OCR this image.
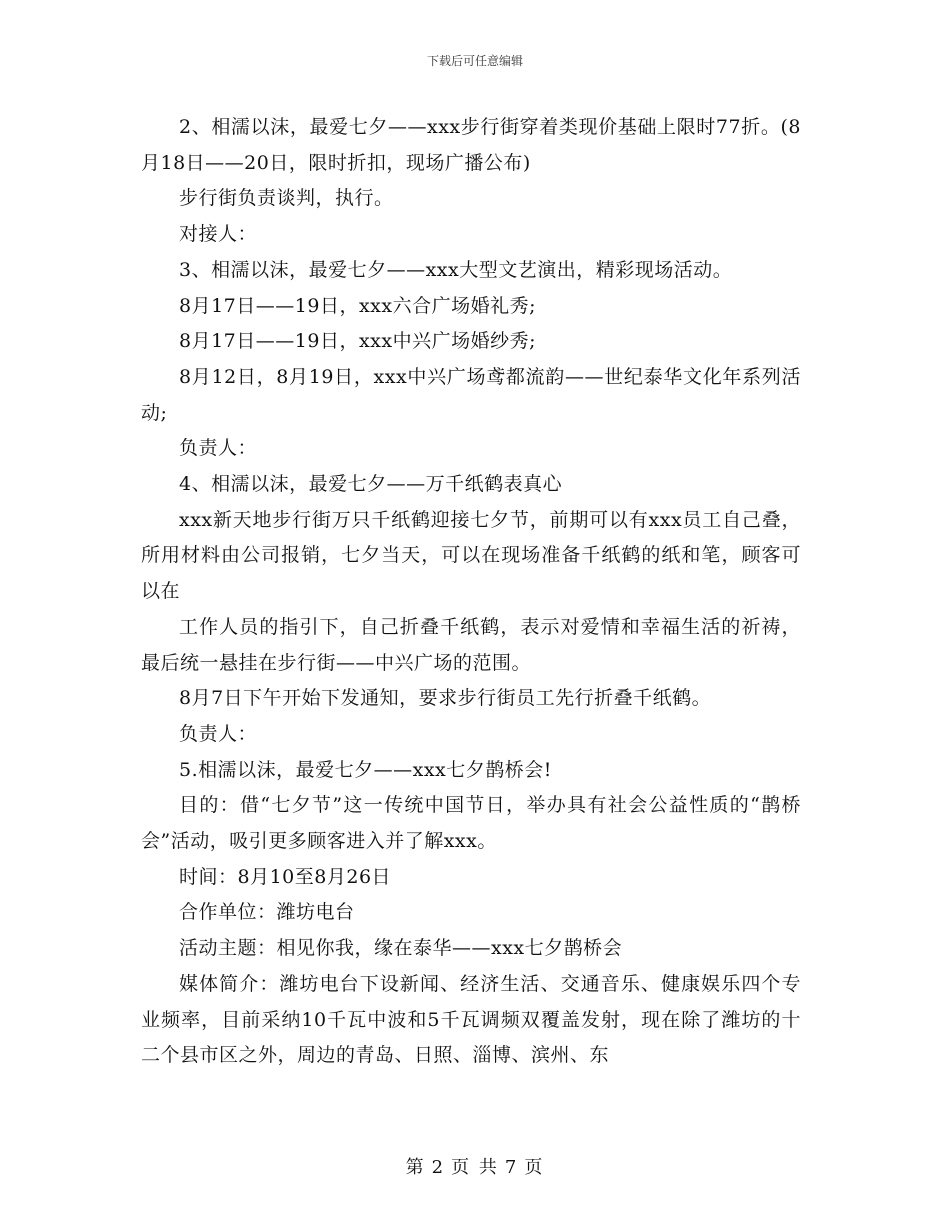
下载后可任意编辑

2、相濡以沫，最爱七夕——xxx步行街穿着类现价基础上限时77折。(8月18日——20日，限时折扣，现场广播公布)

步行街负责谈判，执行。

对接人：

3、相濡以沫，最爱七夕——xxx大型文艺演出，精彩现场活动。

8月17日——19日，xxx六合广场婚礼秀;

8月17日——19日，xxx中兴广场婚纱秀;

8月12日，8月19日，xxx中兴广场鸢都流韵——世纪泰华文化年系列活动;

负责人：

4、相濡以沫，最爱七夕——万千纸鹤表真心

xxx新天地步行街万只千纸鹤迎接七夕节，前期可以有xxx员工自己叠，所用材料由公司报销，七夕当天，可以在现场准备千纸鹤的纸和笔，顾客可以在

工作人员的指引下，自己折叠千纸鹤，表示对爱情和幸福生活的祈祷，最后统一悬挂在步行街——中兴广场的范围。

8月7日下午开始下发通知，要求步行街员工先行折叠千纸鹤。

负责人：

5.相濡以沫，最爱七夕——xxx七夕鹊桥会!

目的：借“七夕节”这一传统中国节日，举办具有社会公益性质的“鹊桥会”活动，吸引更多顾客进入并了解xxx。

时间：8月10至8月26日

合作单位：潍坊电台

活动主题：相见你我，缘在泰华——xxx七夕鹊桥会

媒体简介：潍坊电台下设新闻、经济生活、交通音乐、健康娱乐四个专业频率，目前采纳10千瓦中波和5千瓦调频双覆盖发射，现在除了潍坊的十二个县市区之外，周边的青岛、日照、淄博、滨州、东

第 2 页 共 7 页
